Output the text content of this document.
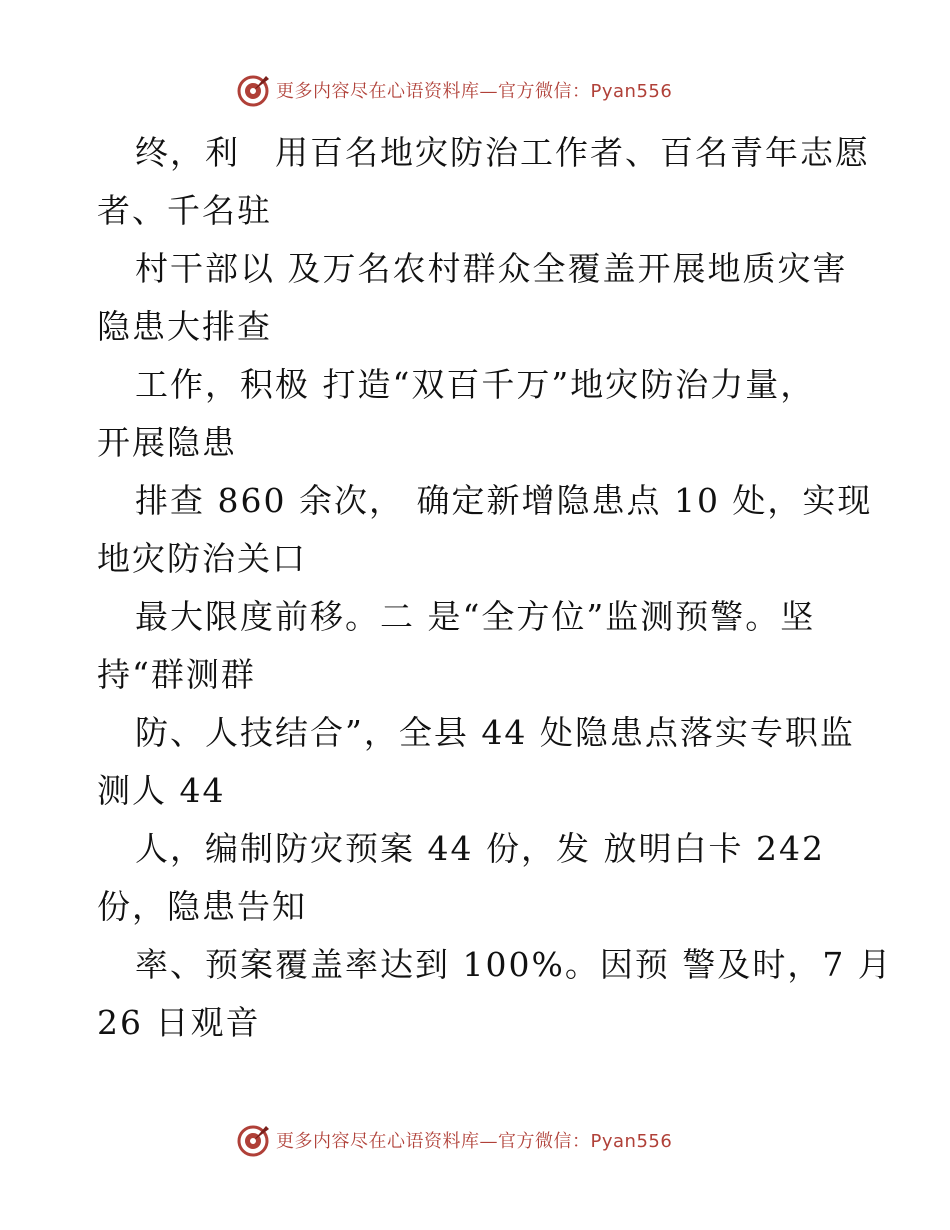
更多内容尽在心语资料库—官方微信：Pyan556
终，利　用百名地灾防治工作者、百名青年志愿
者、千名驻
村干部以 及万名农村群众全覆盖开展地质灾害
隐患大排查
工作，积极 打造“双百千万”地灾防治力量，
开展隐患
排查 860 余次， 确定新增隐患点 10 处，实现
地灾防治关口
最大限度前移。二 是“全方位”监测预警。坚
持“群测群
防、人技结合”，全县 44 处隐患点落实专职监
测人 44
人，编制防灾预案 44 份，发 放明白卡 242
份，隐患告知
率、预案覆盖率达到 100%。因预 警及时，7 月
26 日观音
更多内容尽在心语资料库—官方微信：Pyan556
